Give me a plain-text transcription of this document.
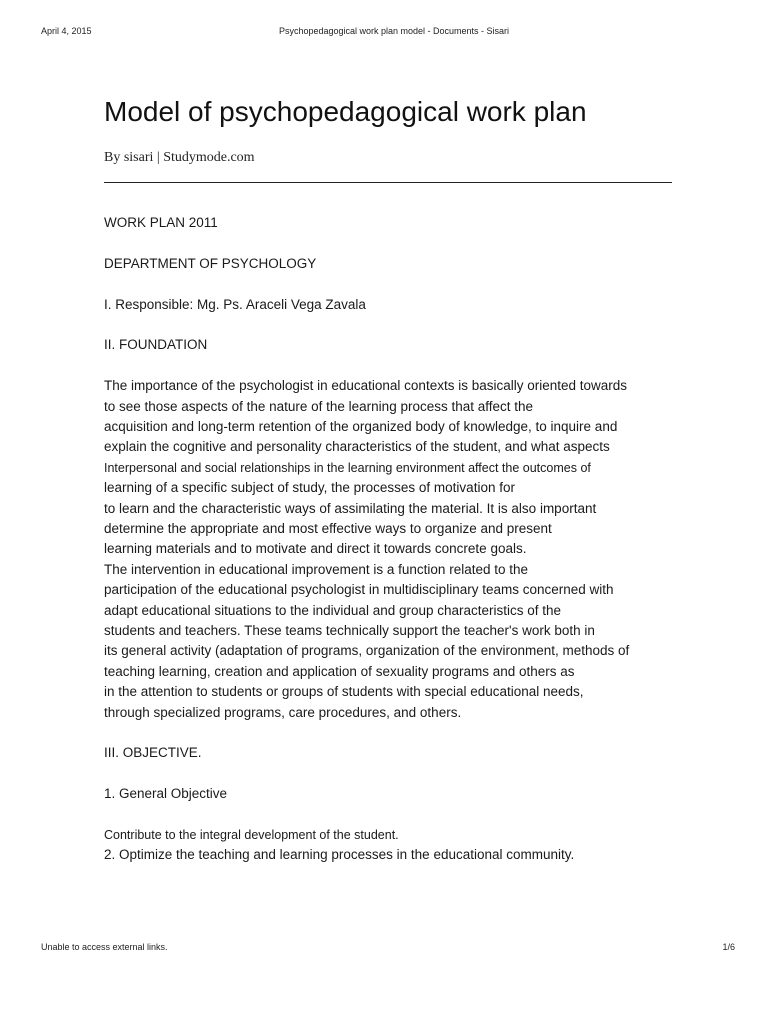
April 4, 2015	Psychopedagogical work plan model - Documents - Sisari
Model of psychopedagogical work plan
By sisari | Studymode.com

WORK PLAN 2011

DEPARTMENT OF PSYCHOLOGY

I. Responsible: Mg. Ps. Araceli Vega Zavala

II. FOUNDATION

The importance of the psychologist in educational contexts is basically oriented towards
to see those aspects of the nature of the learning process that affect the
acquisition and long-term retention of the organized body of knowledge, to inquire and
explain the cognitive and personality characteristics of the student, and what aspects
Interpersonal and social relationships in the learning environment affect the outcomes of
learning of a specific subject of study, the processes of motivation for
to learn and the characteristic ways of assimilating the material. It is also important
determine the appropriate and most effective ways to organize and present
learning materials and to motivate and direct it towards concrete goals.
The intervention in educational improvement is a function related to the
participation of the educational psychologist in multidisciplinary teams concerned with
adapt educational situations to the individual and group characteristics of the
students and teachers. These teams technically support the teacher's work both in
its general activity (adaptation of programs, organization of the environment, methods of
teaching learning, creation and application of sexuality programs and others as
in the attention to students or groups of students with special educational needs,
through specialized programs, care procedures, and others.

III. OBJECTIVE.

1. General Objective

Contribute to the integral development of the student.
2. Optimize the teaching and learning processes in the educational community.

Unable to access external links.	1/6
